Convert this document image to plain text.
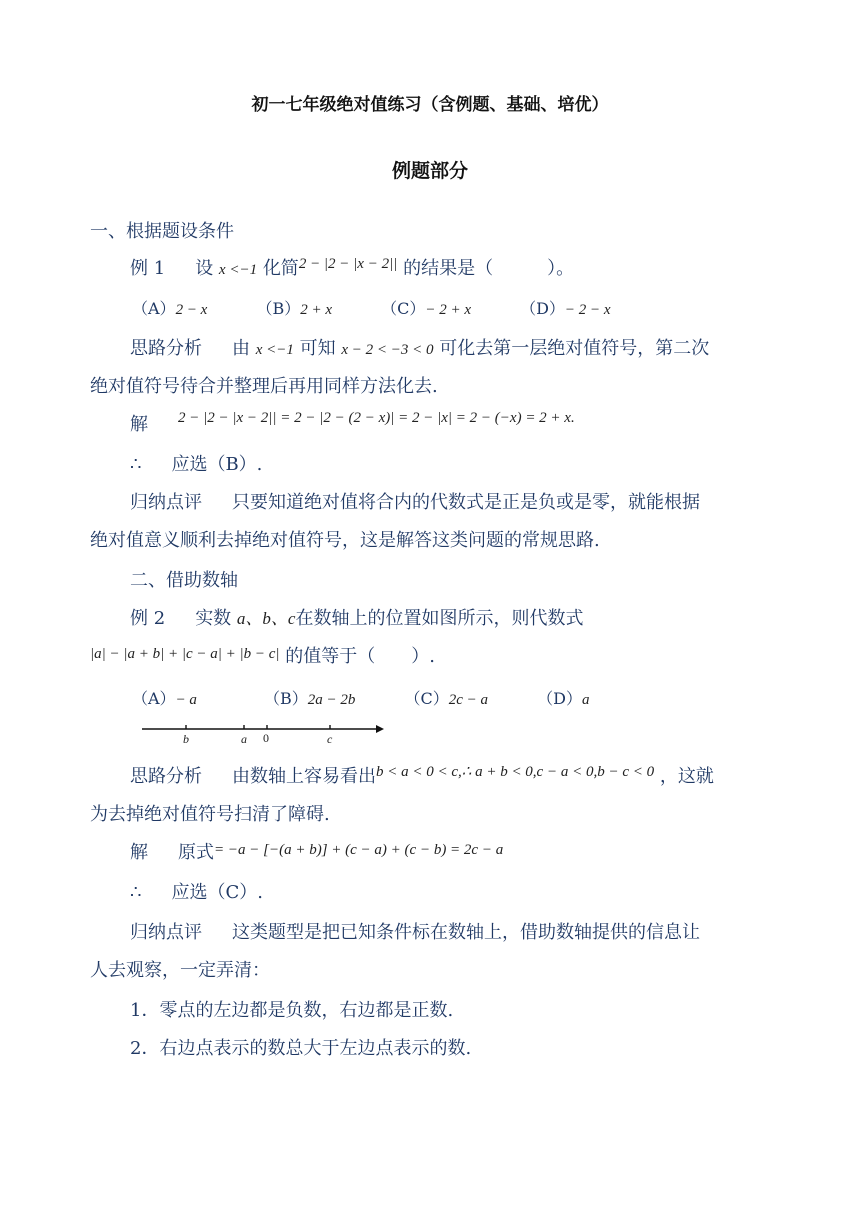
初一七年级绝对值练习（含例题、基础、培优）
例题部分
一、根据题设条件
例 1 设 x <−1 化简$^{2 - |2 - |x - 2||}$ 的结果是（　　　）。
（A）2 − x	（B）2 + x	（C）− 2 + x	（D）− 2 − x
思路分析 由 x <−1 可知 x − 2 < −3 < 0 可化去第一层绝对值符号，第二次
绝对值符号待合并整理后再用同样方法化去.
解 $^{2 - |2 - |x - 2|| = 2 - |2 - (2 - x)| = 2 - |x| = 2 - (-x) = 2 + x.}$
∴ 应选（B）.
归纳点评 只要知道绝对值将合内的代数式是正是负或是零，就能根据
绝对值意义顺利去掉绝对值符号，这是解答这类问题的常规思路.
二、借助数轴
例 2 实数 a、b、c在数轴上的位置如图所示，则代数式
$^{|a| - |a + b| + |c - a| + |b - c|}$ 的值等于（　　）.
（A）− a	（B）2a − 2b	（C）2c − a	（D）a
b	a 0	c
思路分析 由数轴上容易看出$^{b < a < 0 < c,\therefore a + b < 0,c - a < 0,b - c < 0}$ ，这就
为去掉绝对值符号扫清了障碍.
解 原式$^{= -a - [-(a + b)] + (c - a) + (c - b) = 2c - a}$
∴ 应选（C）.
归纳点评 这类题型是把已知条件标在数轴上，借助数轴提供的信息让
人去观察，一定弄清：
1．零点的左边都是负数，右边都是正数.
2．右边点表示的数总大于左边点表示的数.
